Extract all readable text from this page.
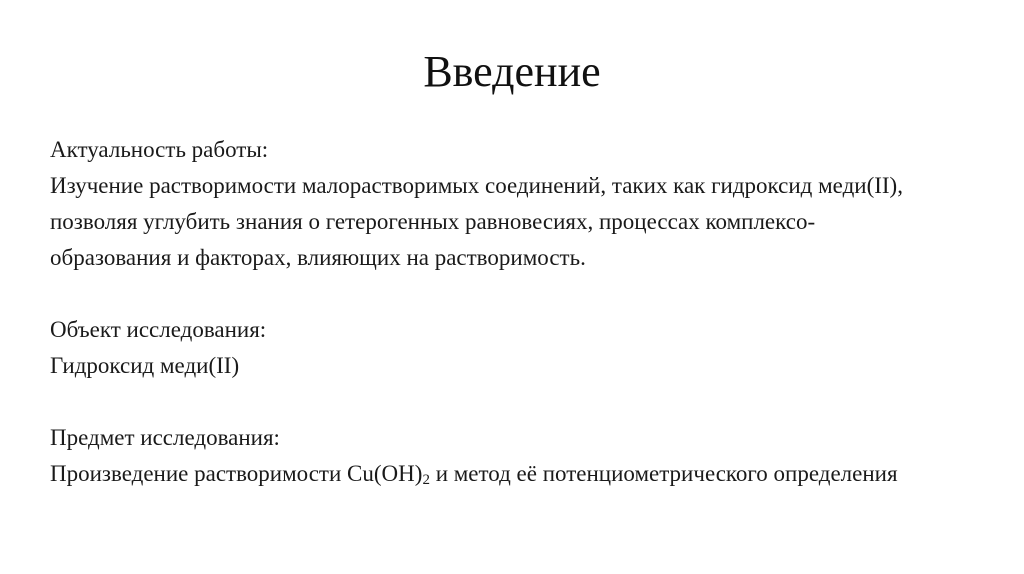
Введение
Актуальность работы:
Изучение растворимости малорастворимых соединений, таких как гидроксид меди(II),
позволяя углубить знания о гетерогенных равновесиях, процессах комплексо-
образования и факторах, влияющих на растворимость.
Объект исследования:
Гидроксид меди(II)
Предмет исследования:
Произведение растворимости $Cu(OH)_2$ и метод её потенциометрического определения
